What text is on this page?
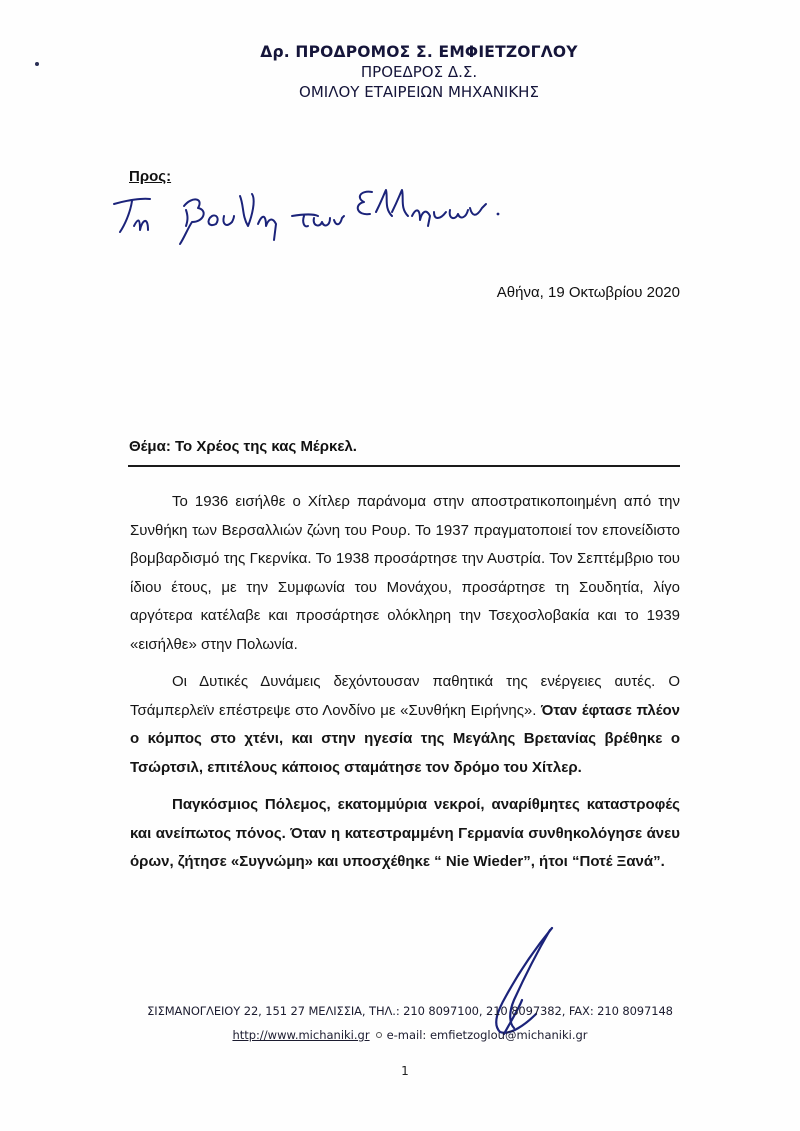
Δρ. ΠΡΟΔΡΟΜΟΣ Σ. ΕΜΦΙΕΤΖΟΓΛΟΥ
ΠΡΟΕΔΡΟΣ Δ.Σ.
ΟΜΙΛΟΥ ΕΤΑΙΡΕΙΩΝ ΜΗΧΑΝΙΚΗΣ
Προς:
Αθήνα, 19 Οκτωβρίου 2020
Θέμα: Το Χρέος της κας Μέρκελ.

Το 1936 εισήλθε ο Χίτλερ παράνομα στην αποστρατικοποιημένη από την Συνθήκη των Βερσαλλιών ζώνη του Ρουρ. Το 1937 πραγματοποιεί τον επονείδιστο βομβαρδισμό της Γκερνίκα. Το 1938 προσάρτησε την Αυστρία. Τον Σεπτέμβριο του ίδιου έτους, με την Συμφωνία του Μονάχου, προσάρτησε τη Σουδητία, λίγο αργότερα κατέλαβε και προσάρτησε ολόκληρη την Τσεχοσλοβακία και το 1939 «εισήλθε» στην Πολωνία.

Οι Δυτικές Δυνάμεις δεχόντουσαν παθητικά της ενέργειες αυτές. Ο Τσάμπερλεϊν επέστρεψε στο Λονδίνο με «Συνθήκη Ειρήνης». Όταν έφτασε πλέον ο κόμπος στο χτένι, και στην ηγεσία της Μεγάλης Βρετανίας βρέθηκε ο Τσώρτσιλ, επιτέλους κάποιος σταμάτησε τον δρόμο του Χίτλερ.

Παγκόσμιος Πόλεμος, εκατομμύρια νεκροί, αναρίθμητες καταστροφές και ανείπωτος πόνος. Όταν η κατεστραμμένη Γερμανία συνθηκολόγησε άνευ όρων, ζήτησε «Συγνώμη» και υποσχέθηκε “ Nie Wieder”, ήτοι “Ποτέ Ξανά”.

ΣΙΣΜΑΝΟΓΛΕΙΟΥ 22, 151 27 ΜΕΛΙΣΣΙΑ, ΤΗΛ.: 210 8097100, 210 8097382, FAX: 210 8097148
http://www.michaniki.gr e-mail: emfietzoglou@michaniki.gr
1
